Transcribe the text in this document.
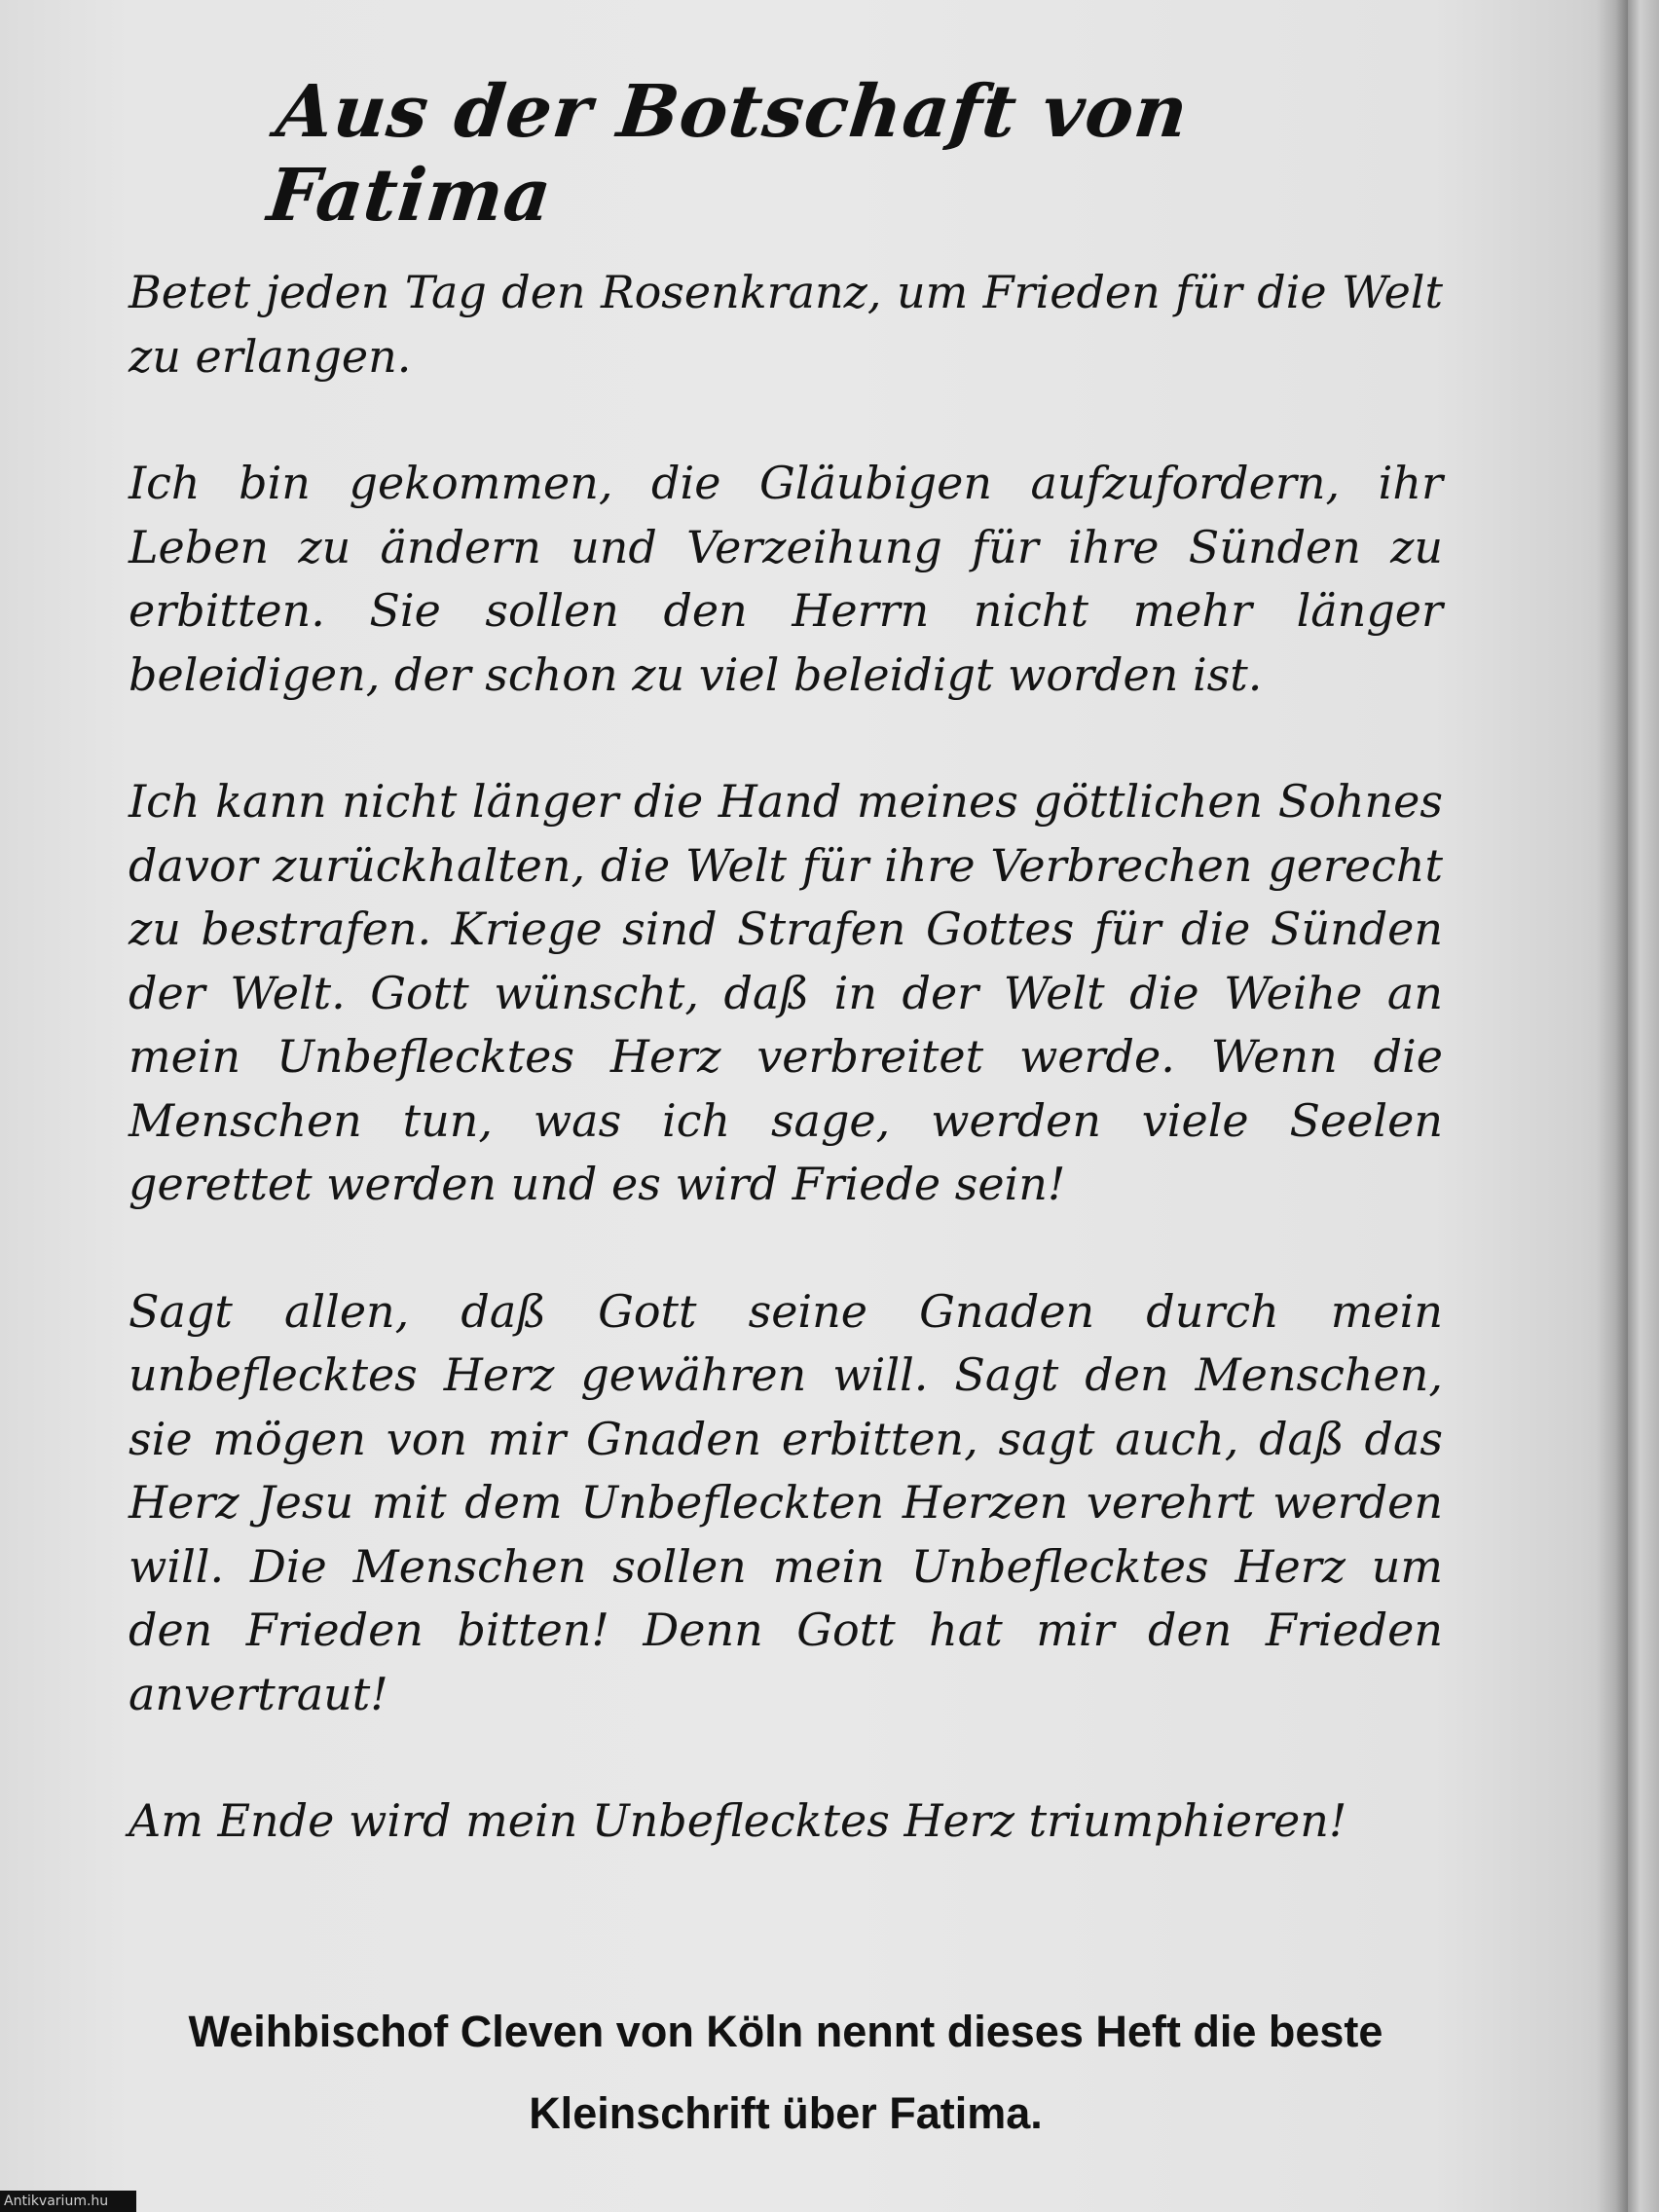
Aus der Botschaft von Fatima

Betet jeden Tag den Rosenkranz, um Frieden für die Welt zu erlangen.

Ich bin gekommen, die Gläubigen aufzufordern, ihr Leben zu ändern und Verzeihung für ihre Sünden zu erbitten. Sie sollen den Herrn nicht mehr länger beleidigen, der schon zu viel beleidigt worden ist.

Ich kann nicht länger die Hand meines göttlichen Sohnes davor zurückhalten, die Welt für ihre Verbrechen gerecht zu bestrafen. Kriege sind Strafen Gottes für die Sünden der Welt. Gott wünscht, daß in der Welt die Weihe an mein Unbeflecktes Herz verbreitet werde. Wenn die Menschen tun, was ich sage, werden viele Seelen gerettet werden und es wird Friede sein!

Sagt allen, daß Gott seine Gnaden durch mein unbeflecktes Herz gewähren will. Sagt den Menschen, sie mögen von mir Gnaden erbitten, sagt auch, daß das Herz Jesu mit dem Unbefleckten Herzen verehrt werden will. Die Menschen sollen mein Unbeflecktes Herz um den Frieden bitten! Denn Gott hat mir den Frieden anvertraut!

Am Ende wird mein Unbeflecktes Herz triumphieren!

Weihbischof Cleven von Köln nennt dieses Heft die beste
Kleinschrift über Fatima.
Antikvarium.hu
